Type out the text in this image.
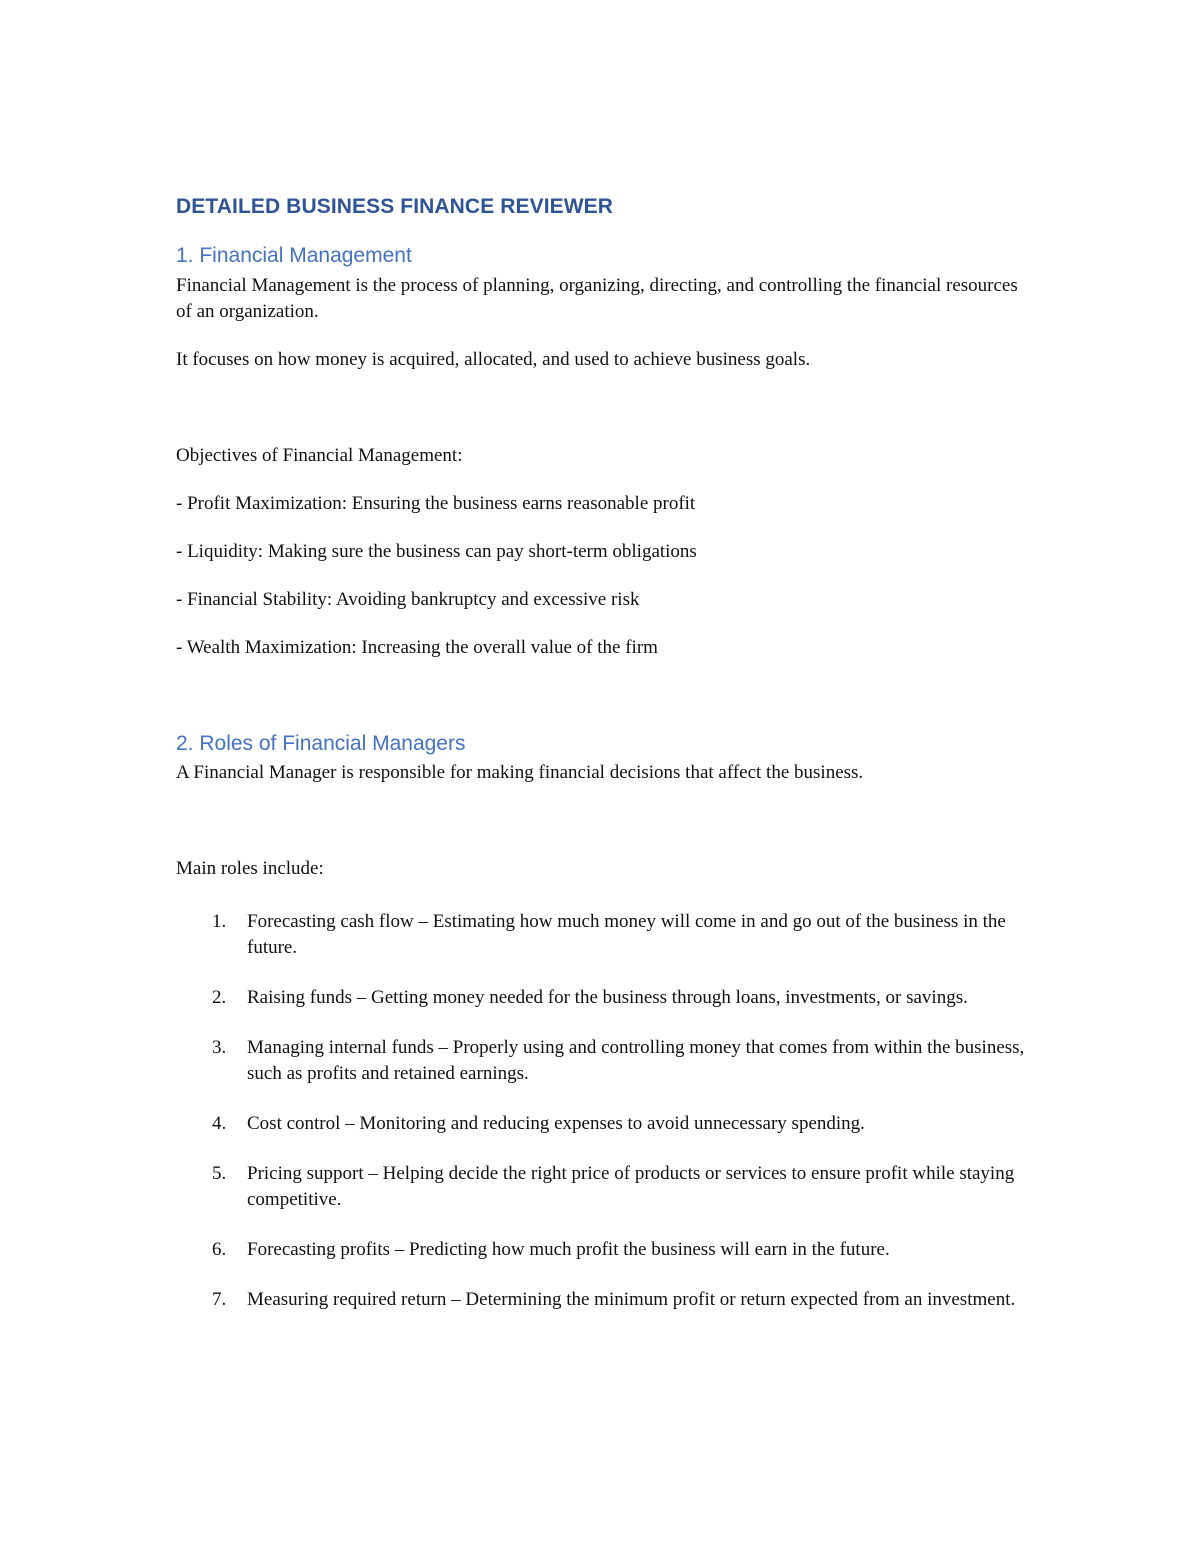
DETAILED BUSINESS FINANCE REVIEWER
1. Financial Management

Financial Management is the process of planning, organizing, directing, and controlling the financial resources of an organization.

It focuses on how money is acquired, allocated, and used to achieve business goals.

Objectives of Financial Management:

- Profit Maximization: Ensuring the business earns reasonable profit

- Liquidity: Making sure the business can pay short-term obligations

- Financial Stability: Avoiding bankruptcy and excessive risk

- Wealth Maximization: Increasing the overall value of the firm

2. Roles of Financial Managers

A Financial Manager is responsible for making financial decisions that affect the business.

Main roles include:

1. Forecasting cash flow – Estimating how much money will come in and go out of the business in the future.
2. Raising funds – Getting money needed for the business through loans, investments, or savings.
3. Managing internal funds – Properly using and controlling money that comes from within the business, such as profits and retained earnings.
4. Cost control – Monitoring and reducing expenses to avoid unnecessary spending.
5. Pricing support – Helping decide the right price of products or services to ensure profit while staying competitive.
6. Forecasting profits – Predicting how much profit the business will earn in the future.
7. Measuring required return – Determining the minimum profit or return expected from an investment.
